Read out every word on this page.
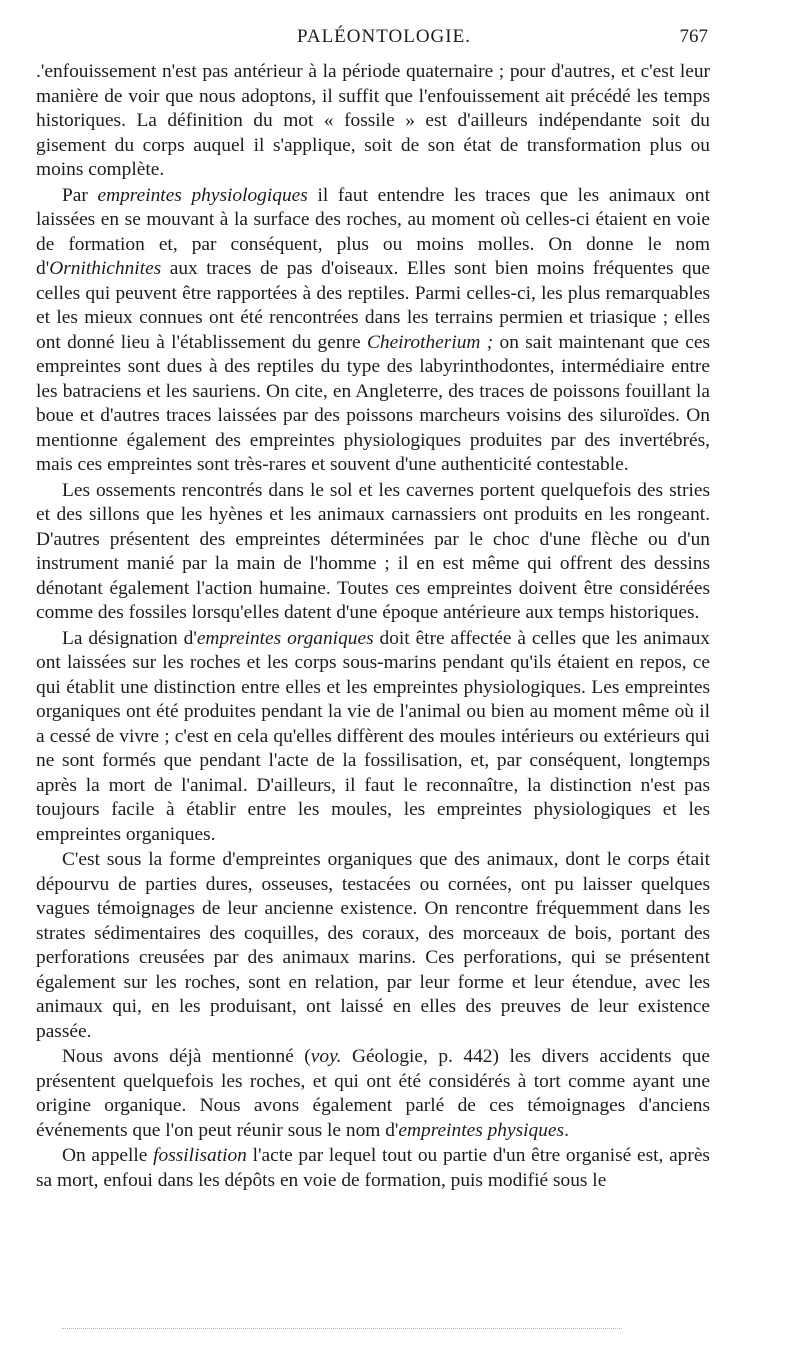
PALÉONTOLOGIE.	767

.'enfouissement n'est pas antérieur à la période quaternaire ; pour d'autres, et c'est leur manière de voir que nous adoptons, il suffit que l'enfouissement ait précédé les temps historiques. La définition du mot « fossile » est d'ailleurs indépendante soit du gisement du corps auquel il s'applique, soit de son état de transformation plus ou moins complète.

Par empreintes physiologiques il faut entendre les traces que les animaux ont laissées en se mouvant à la surface des roches, au moment où celles-ci étaient en voie de formation et, par conséquent, plus ou moins molles. On donne le nom d'Ornithichnites aux traces de pas d'oiseaux. Elles sont bien moins fréquentes que celles qui peuvent être rapportées à des reptiles. Parmi celles-ci, les plus remarquables et les mieux connues ont été rencontrées dans les terrains permien et triasique ; elles ont donné lieu à l'établissement du genre Cheirotherium ; on sait maintenant que ces empreintes sont dues à des reptiles du type des labyrinthodontes, intermédiaire entre les batraciens et les sauriens. On cite, en Angleterre, des traces de poissons fouillant la boue et d'autres traces laissées par des poissons marcheurs voisins des siluroïdes. On mentionne également des empreintes physiologiques produites par des invertébrés, mais ces empreintes sont très-rares et souvent d'une authenticité contestable.

Les ossements rencontrés dans le sol et les cavernes portent quelquefois des stries et des sillons que les hyènes et les animaux carnassiers ont produits en les rongeant. D'autres présentent des empreintes déterminées par le choc d'une flèche ou d'un instrument manié par la main de l'homme ; il en est même qui offrent des dessins dénotant également l'action humaine. Toutes ces empreintes doivent être considérées comme des fossiles lorsqu'elles datent d'une époque antérieure aux temps historiques.

La désignation d'empreintes organiques doit être affectée à celles que les animaux ont laissées sur les roches et les corps sous-marins pendant qu'ils étaient en repos, ce qui établit une distinction entre elles et les empreintes physiologiques. Les empreintes organiques ont été produites pendant la vie de l'animal ou bien au moment même où il a cessé de vivre ; c'est en cela qu'elles diffèrent des moules intérieurs ou extérieurs qui ne sont formés que pendant l'acte de la fossilisation, et, par conséquent, longtemps après la mort de l'animal. D'ailleurs, il faut le reconnaître, la distinction n'est pas toujours facile à établir entre les moules, les empreintes physiologiques et les empreintes organiques.

C'est sous la forme d'empreintes organiques que des animaux, dont le corps était dépourvu de parties dures, osseuses, testacées ou cornées, ont pu laisser quelques vagues témoignages de leur ancienne existence. On rencontre fréquemment dans les strates sédimentaires des coquilles, des coraux, des morceaux de bois, portant des perforations creusées par des animaux marins. Ces perforations, qui se présentent également sur les roches, sont en relation, par leur forme et leur étendue, avec les animaux qui, en les produisant, ont laissé en elles des preuves de leur existence passée.

Nous avons déjà mentionné (voy. Géologie, p. 442) les divers accidents que présentent quelquefois les roches, et qui ont été considérés à tort comme ayant une origine organique. Nous avons également parlé de ces témoignages d'anciens événements que l'on peut réunir sous le nom d'empreintes physiques.

On appelle fossilisation l'acte par lequel tout ou partie d'un être organisé est, après sa mort, enfoui dans les dépôts en voie de formation, puis modifié sous le
